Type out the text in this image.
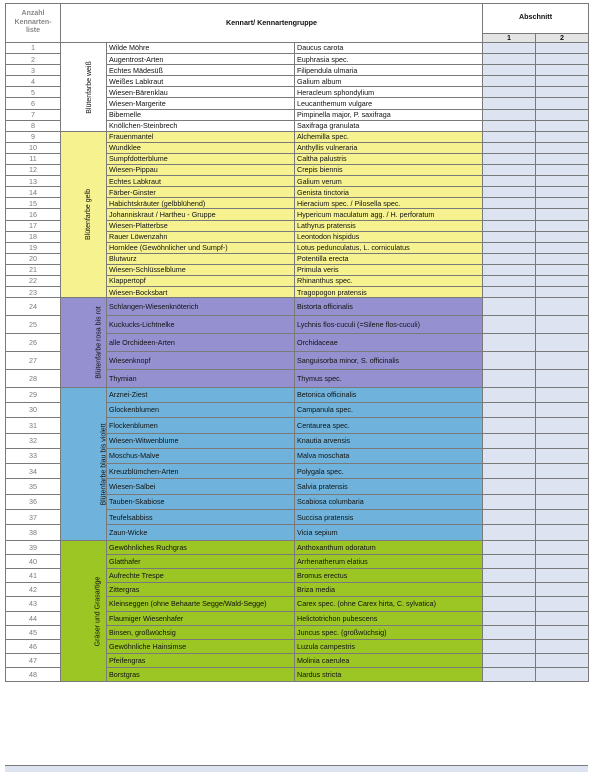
Anzahl Kennarten-liste	Kennart/ Kennartengruppe			Abschnitt	
				1	2
1	Blütenfarbe weiß	Wilde Möhre	Daucus carota		
2		Augentrost-Arten	Euphrasia spec.		
3		Echtes Mädesüß	Filipendula ulmaria		
4		Weißes Labkraut	Galium album		
5		Wiesen-Bärenklau	Heracleum sphondylium		
6		Wiesen-Margerite	Leucanthemum vulgare		
7		Bibernelle	Pimpinella major, P. saxifraga		
8		Knöllchen-Steinbrech	Saxifraga granulata		
9	Blütenfarbe gelb	Frauenmantel	Alchemilla spec.		
10		Wundklee	Anthyllis vulneraria		
11		Sumpfdotterblume	Caltha palustris		
12		Wiesen-Pippau	Crepis biennis		
13		Echtes Labkraut	Galium verum		
14		Färber-Ginster	Genista tinctoria		
15		Habichtskräuter (gelbblühend)	Hieracium spec. / Pilosella spec.		
16		Johanniskraut / Hartheu - Gruppe	Hypericum maculatum agg. / H. perforatum		
17		Wiesen-Platterbse	Lathyrus pratensis		
18		Rauer Löwenzahn	Leontodon hispidus		
19		Hornklee (Gewöhnlicher und Sumpf-)	Lotus pedunculatus, L. corniculatus		
20		Blutwurz	Potentilla erecta		
21		Wiesen-Schlüsselblume	Primula veris		
22		Klappertopf	Rhinanthus spec.		
23		Wiesen-Bocksbart	Tragopogon pratensis		
24	Blütenfarbe rosa bis rot	Schlangen-Wiesenknöterich	Bistorta officinalis		
25		Kuckucks-Lichtnelke	Lychnis flos-cuculi (=Silene flos-cuculi)		
26		alle Orchideen-Arten	Orchidaceae		
27		Wiesenknopf	Sanguisorba minor, S. officinalis		
28		Thymian	Thymus spec.		
29	Blütenfarbe blau bis violett	Arznei-Ziest	Betonica officinalis		
30		Glockenblumen	Campanula spec.		
31		Flockenblumen	Centaurea spec.		
32		Wiesen-Witwenblume	Knautia arvensis		
33		Moschus-Malve	Malva moschata		
34		Kreuzblümchen-Arten	Polygala spec.		
35		Wiesen-Salbei	Salvia pratensis		
36		Tauben-Skabiose	Scabiosa columbaria		
37		Teufelsabbiss	Succisa pratensis		
38		Zaun-Wicke	Vicia sepium		
39	Gräser und Grasartige	Gewöhnliches Ruchgras	Anthoxanthum odoratum		
40		Glatthafer	Arrhenatherum elatius		
41		Aufrechte Trespe	Bromus erectus		
42		Zittergras	Briza media		
43		Kleinseggen (ohne Behaarte Segge/Wald-Segge)	Carex spec. (ohne Carex hirta, C. sylvatica)		
44		Flaumiger Wiesenhafer	Helictotrichon pubescens		
45		Binsen, großwüchsig	Juncus spec. (großwüchsig)		
46		Gewöhnliche Hainsimse	Luzula campestris		
47		Pfeifengras	Molinia caerulea		
48		Borstgras	Nardus stricta		
